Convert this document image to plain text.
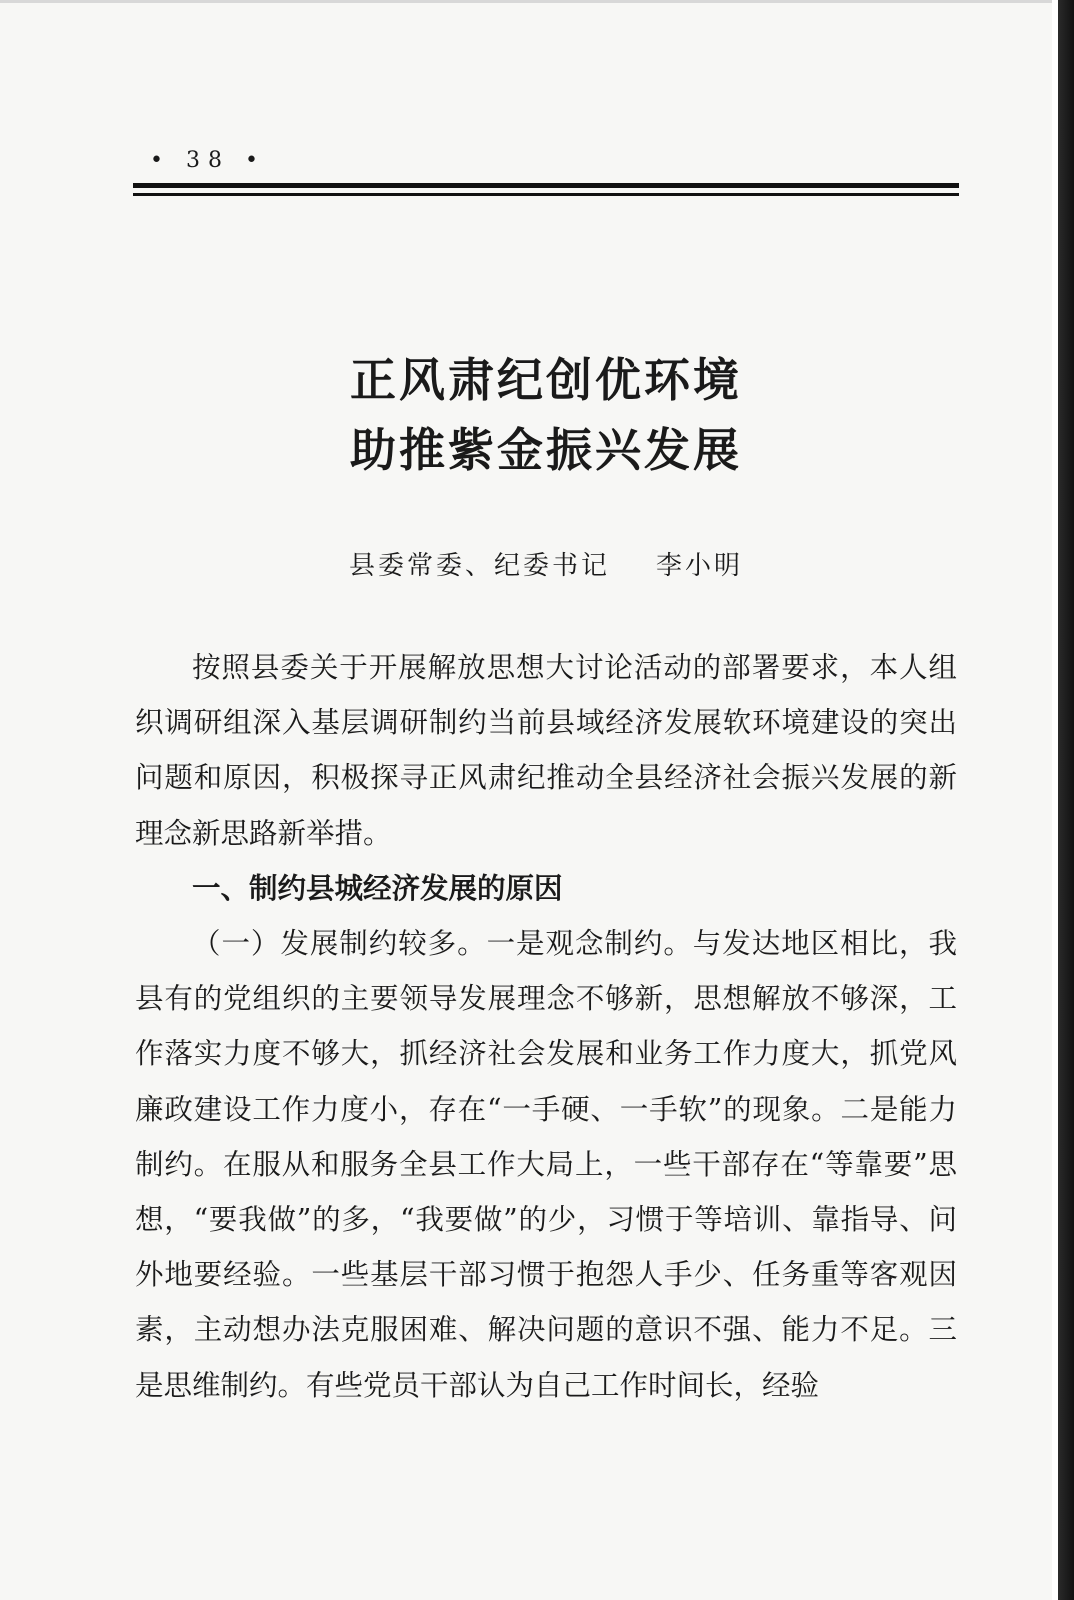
• 38 •
正风肃纪创优环境
助推紫金振兴发展
县委常委、纪委书记 李小明

按照县委关于开展解放思想大讨论活动的部署要求，本人组织调研组深入基层调研制约当前县域经济发展软环境建设的突出问题和原因，积极探寻正风肃纪推动全县经济社会振兴发展的新理念新思路新举措。

一、制约县城经济发展的原因

（一）发展制约较多。一是观念制约。与发达地区相比，我县有的党组织的主要领导发展理念不够新，思想解放不够深，工作落实力度不够大，抓经济社会发展和业务工作力度大，抓党风廉政建设工作力度小，存在“一手硬、一手软”的现象。二是能力制约。在服从和服务全县工作大局上，一些干部存在“等靠要”思想，“要我做”的多，“我要做”的少，习惯于等培训、靠指导、问外地要经验。一些基层干部习惯于抱怨人手少、任务重等客观因素，主动想办法克服困难、解决问题的意识不强、能力不足。三是思维制约。有些党员干部认为自己工作时间长，经验
